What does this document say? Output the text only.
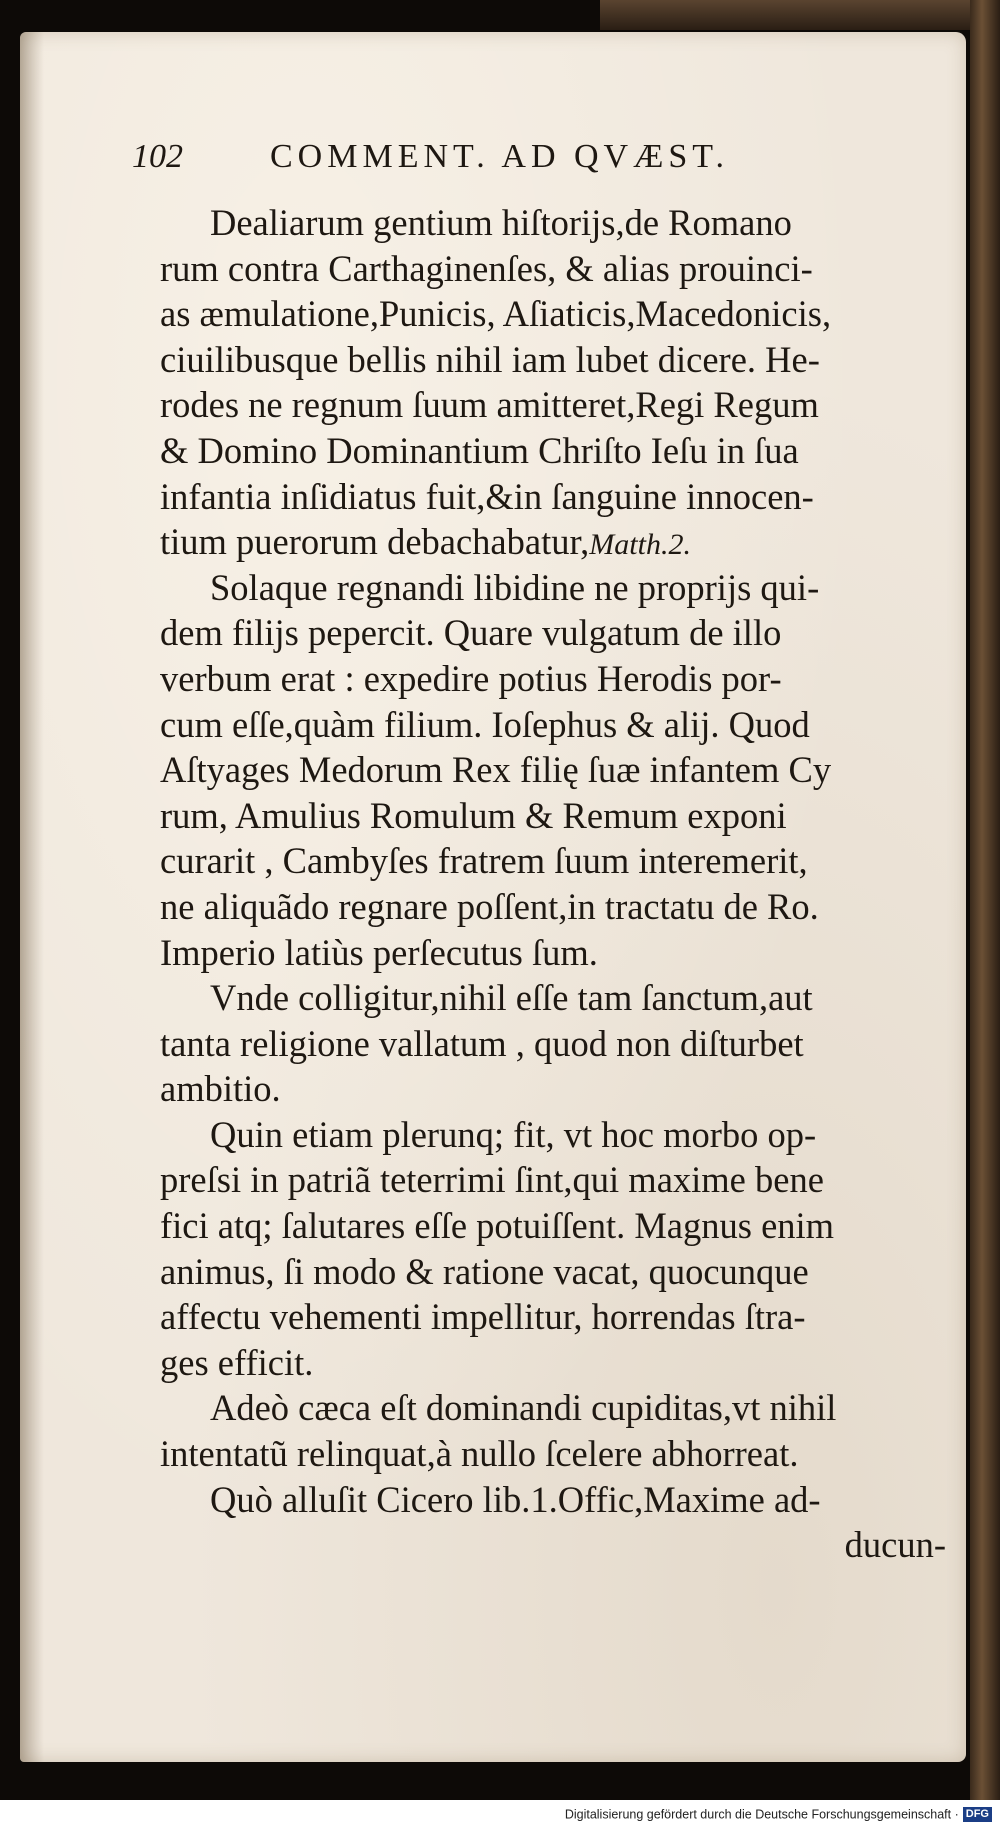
102	COMMENT. AD QVÆST.
Dealiarum gentium hiſtorijs,de Romano
rum contra Carthaginenſes, & alias prouinci-
as æmulatione,Punicis, Aſiaticis,Macedonicis,
ciuilibusque bellis nihil iam lubet dicere. He-
rodes ne regnum ſuum amitteret,Regi Regum
& Domino Dominantium Chriſto Ieſu in ſua
infantia inſidiatus fuit,&in ſanguine innocen-
tium puerorum debachabatur,Matth.2.
Solaque regnandi libidine ne proprijs qui-
dem filijs pepercit. Quare vulgatum de illo
verbum erat : expedire potius Herodis por-
cum eſſe,quàm filium. Ioſephus & alij. Quod
Aſtyages Medorum Rex filię ſuæ infantem Cy
rum, Amulius Romulum & Remum exponi
curarit , Cambyſes fratrem ſuum interemerit,
ne aliquãdo regnare poſſent,in tractatu de Ro.
Imperio latiùs perſecutus ſum.
Vnde colligitur,nihil eſſe tam ſanctum,aut
tanta religione vallatum , quod non diſturbet
ambitio.
Quin etiam plerunq; fit, vt hoc morbo op-
preſsi in patriã teterrimi ſint,qui maxime bene
fici atq; ſalutares eſſe potuiſſent. Magnus enim
animus, ſi modo & ratione vacat, quocunque
affectu vehementi impellitur, horrendas ſtra-
ges efficit.
Adeò cæca eſt dominandi cupiditas,vt nihil
intentatũ relinquat,à nullo ſcelere abhorreat.
Quò alluſit Cicero lib.1.Offic,Maxime ad-
ducun-
Digitalisierung gefördert durch die Deutsche Forschungsgemeinschaft · DFG
